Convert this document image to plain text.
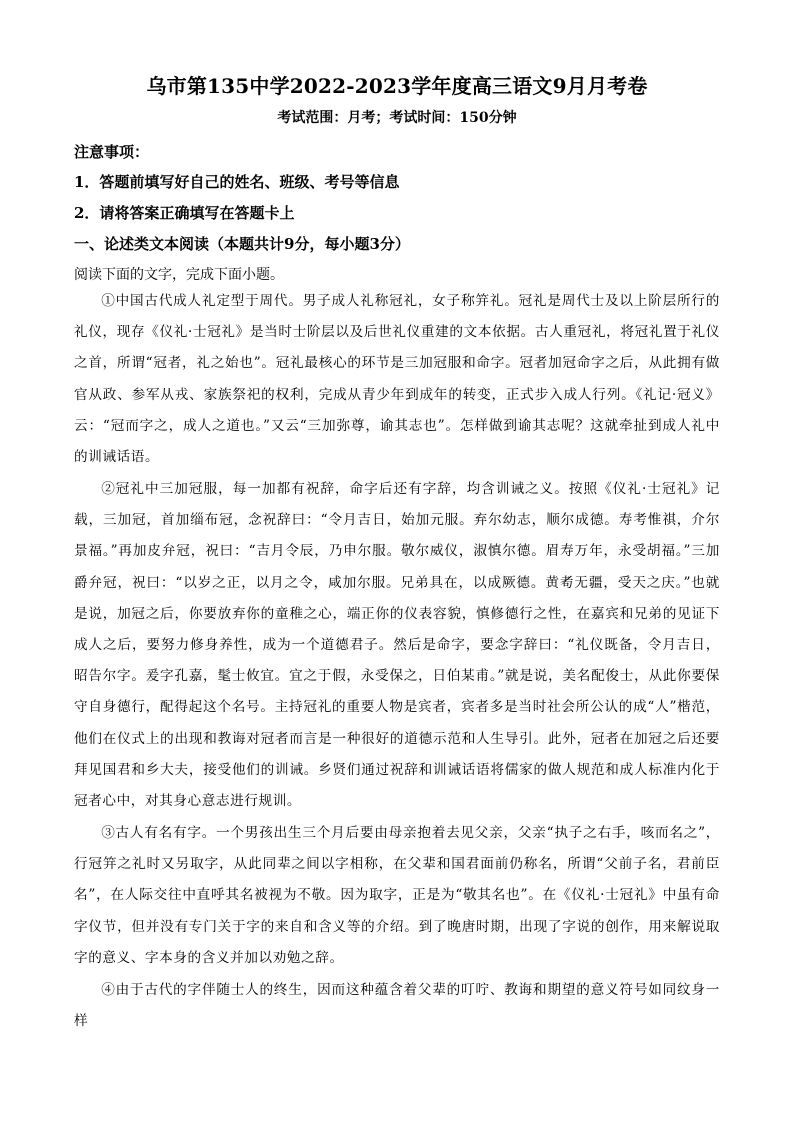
乌市第135中学2022-2023学年度高三语文9月月考卷
考试范围：月考；考试时间：150分钟
注意事项：
1．答题前填写好自己的姓名、班级、考号等信息
2．请将答案正确填写在答题卡上
一、论述类文本阅读（本题共计9分，每小题3分）
阅读下面的文字，完成下面小题。
①中国古代成人礼定型于周代。男子成人礼称冠礼，女子称笄礼。冠礼是周代士及以上阶层所行的礼仪，现存《仪礼·士冠礼》是当时士阶层以及后世礼仪重建的文本依据。古人重冠礼，将冠礼置于礼仪之首，所谓“冠者，礼之始也”。冠礼最核心的环节是三加冠服和命字。冠者加冠命字之后，从此拥有做官从政、参军从戎、家族祭祀的权利，完成从青少年到成年的转变，正式步入成人行列。《礼记·冠义》云：“冠而字之，成人之道也。”又云“三加弥尊，谕其志也”。怎样做到谕其志呢？这就牵扯到成人礼中的训诫话语。
②冠礼中三加冠服，每一加都有祝辞，命字后还有字辞，均含训诫之义。按照《仪礼·士冠礼》记载，三加冠，首加缁布冠，念祝辞曰：“令月吉日，始加元服。弃尔幼志，顺尔成德。寿考惟祺，介尔景福。”再加皮弁冠，祝曰：“吉月令辰，乃申尔服。敬尔威仪，淑慎尔德。眉寿万年，永受胡福。”三加爵弁冠，祝曰：“以岁之正，以月之令，咸加尔服。兄弟具在，以成厥德。黄耇无疆，受天之庆。”也就是说，加冠之后，你要放弃你的童稚之心，端正你的仪表容貌，慎修德行之性，在嘉宾和兄弟的见证下成人之后，要努力修身养性，成为一个道德君子。然后是命字，要念字辞曰：“礼仪既备，令月吉日，昭告尔字。爰字孔嘉，髦士攸宜。宜之于假，永受保之，日伯某甫。”就是说，美名配俊士，从此你要保守自身德行，配得起这个名号。主持冠礼的重要人物是宾者，宾者多是当时社会所公认的成“人”楷范，他们在仪式上的出现和教诲对冠者而言是一种很好的道德示范和人生导引。此外，冠者在加冠之后还要拜见国君和乡大夫，接受他们的训诫。乡贤们通过祝辞和训诫话语将儒家的做人规范和成人标准内化于冠者心中，对其身心意志进行规训。
③古人有名有字。一个男孩出生三个月后要由母亲抱着去见父亲，父亲“执子之右手，咳而名之”，行冠笄之礼时又另取字，从此同辈之间以字相称，在父辈和国君面前仍称名，所谓“父前子名，君前臣名”，在人际交往中直呼其名被视为不敬。因为取字，正是为“敬其名也”。在《仪礼·士冠礼》中虽有命字仪节，但并没有专门关于字的来自和含义等的介绍。到了晚唐时期，出现了字说的创作，用来解说取字的意义、字本身的含义并加以劝勉之辞。
④由于古代的字伴随士人的终生，因而这种蕴含着父辈的叮咛、教诲和期望的意义符号如同纹身一样
